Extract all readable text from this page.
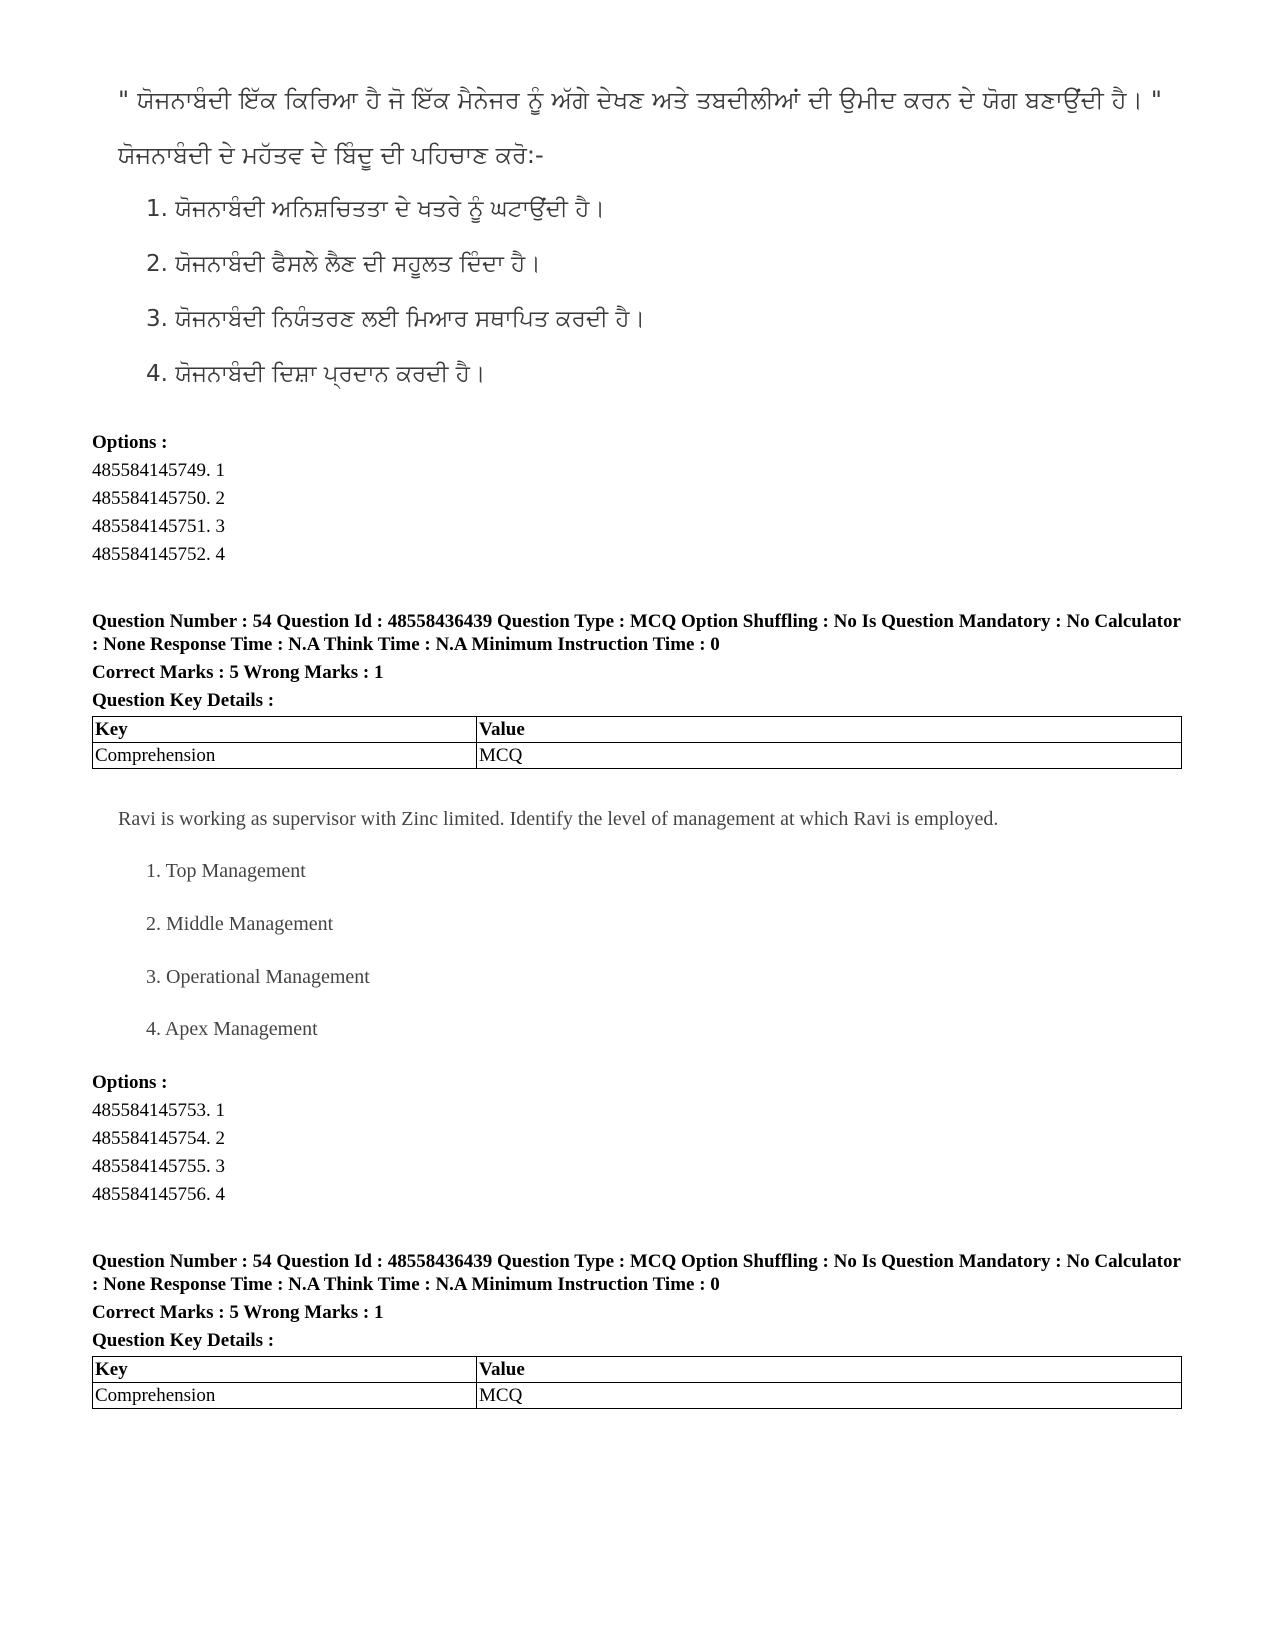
" ਯੋਜਨਾਬੰਦੀ ਇੱਕ ਕਿਰਿਆ ਹੈ ਜੋ ਇੱਕ ਮੈਨੇਜਰ ਨੂੰ ਅੱਗੇ ਦੇਖਣ ਅਤੇ ਤਬਦੀਲੀਆਂ ਦੀ ਉਮੀਦ ਕਰਨ ਦੇ ਯੋਗ ਬਣਾਉਂਦੀ ਹੈ। "
ਯੋਜਨਾਬੰਦੀ ਦੇ ਮਹੱਤਵ ਦੇ ਬਿੰਦੂ ਦੀ ਪਹਿਚਾਣ ਕਰੋ:-
1. ਯੋਜਨਾਬੰਦੀ ਅਨਿਸ਼ਚਿਤਤਾ ਦੇ ਖਤਰੇ ਨੂੰ ਘਟਾਉਂਦੀ ਹੈ।
2. ਯੋਜਨਾਬੰਦੀ ਫੈਸਲੇ ਲੈਣ ਦੀ ਸਹੂਲਤ ਦਿੰਦਾ ਹੈ।
3. ਯੋਜਨਾਬੰਦੀ ਨਿਯੰਤਰਣ ਲਈ ਮਿਆਰ ਸਥਾਪਿਤ ਕਰਦੀ ਹੈ।
4. ਯੋਜਨਾਬੰਦੀ ਦਿਸ਼ਾ ਪ੍ਰਦਾਨ ਕਰਦੀ ਹੈ।
Options :
485584145749. 1
485584145750. 2
485584145751. 3
485584145752. 4
Question Number : 54 Question Id : 48558436439 Question Type : MCQ Option Shuffling : No Is Question Mandatory : No Calculator : None Response Time : N.A Think Time : N.A Minimum Instruction Time : 0
Correct Marks : 5 Wrong Marks : 1
Question Key Details :
Key	Value
Comprehension	MCQ
Ravi is working as supervisor with Zinc limited. Identify the level of management at which Ravi is employed.
1. Top Management
2. Middle Management
3. Operational Management
4. Apex Management
Options :
485584145753. 1
485584145754. 2
485584145755. 3
485584145756. 4
Question Number : 54 Question Id : 48558436439 Question Type : MCQ Option Shuffling : No Is Question Mandatory : No Calculator : None Response Time : N.A Think Time : N.A Minimum Instruction Time : 0
Correct Marks : 5 Wrong Marks : 1
Question Key Details :
Key	Value
Comprehension	MCQ
